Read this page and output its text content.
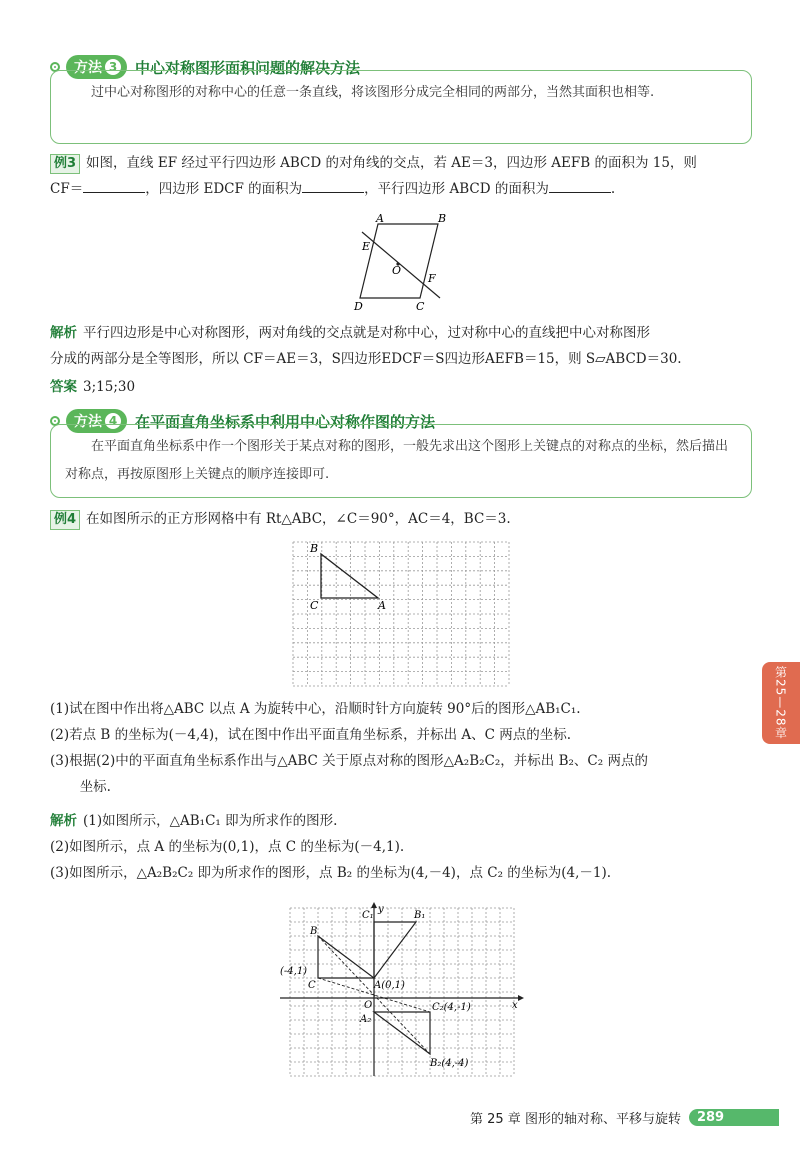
方法 3 中心对称图形面积问题的解决方法
过中心对称图形的对称中心的任意一条直线，将该图形分成完全相同的两部分，当然其面积也相等.
例3 如图，直线 EF 经过平行四边形 ABCD 的对角线的交点，若 AE＝3，四边形 AEFB 的面积为 15，则
CF＝	，四边形 EDCF 的面积为	，平行四边形 ABCD 的面积为	.
A	B
E
O
F
D	C
解析 平行四边形是中心对称图形，两对角线的交点就是对称中心，过对称中心的直线把中心对称图形
分成的两部分是全等图形，所以 CF＝AE＝3，S四边形EDCF＝S四边形AEFB＝15，则 S▱ABCD＝30.
答案 3;15;30
方法 4 在平面直角坐标系中利用中心对称作图的方法
在平面直角坐标系中作一个图形关于某点对称的图形，一般先求出这个图形上关键点的对称点的坐标，然后描出对称点，再按原图形上关键点的顺序连接即可.
例4 在如图所示的正方形网格中有 Rt△ABC，∠C＝90°，AC＝4，BC＝3.
B
C	A
(1)试在图中作出将△ABC 以点 A 为旋转中心，沿顺时针方向旋转 90°后的图形△AB₁C₁.
(2)若点 B 的坐标为(－4,4)，试在图中作出平面直角坐标系，并标出 A、C 两点的坐标.
(3)根据(2)中的平面直角坐标系作出与△ABC 关于原点对称的图形△A₂B₂C₂，并标出 B₂、C₂ 两点的
坐标.
解析 (1)如图所示，△AB₁C₁ 即为所求作的图形.
(2)如图所示，点 A 的坐标为(0,1)，点 C 的坐标为(－4,1).
(3)如图所示，△A₂B₂C₂ 即为所求作的图形，点 B₂ 的坐标为(4,－4)，点 C₂ 的坐标为(4,－1).
C₁
y
B₁
B
(-4,1)
C	A(0,1)
O	C₂(4,-1)	x
A₂
B₂(4,-4)
第25—28章
第 25 章 图形的轴对称、平移与旋转	289
